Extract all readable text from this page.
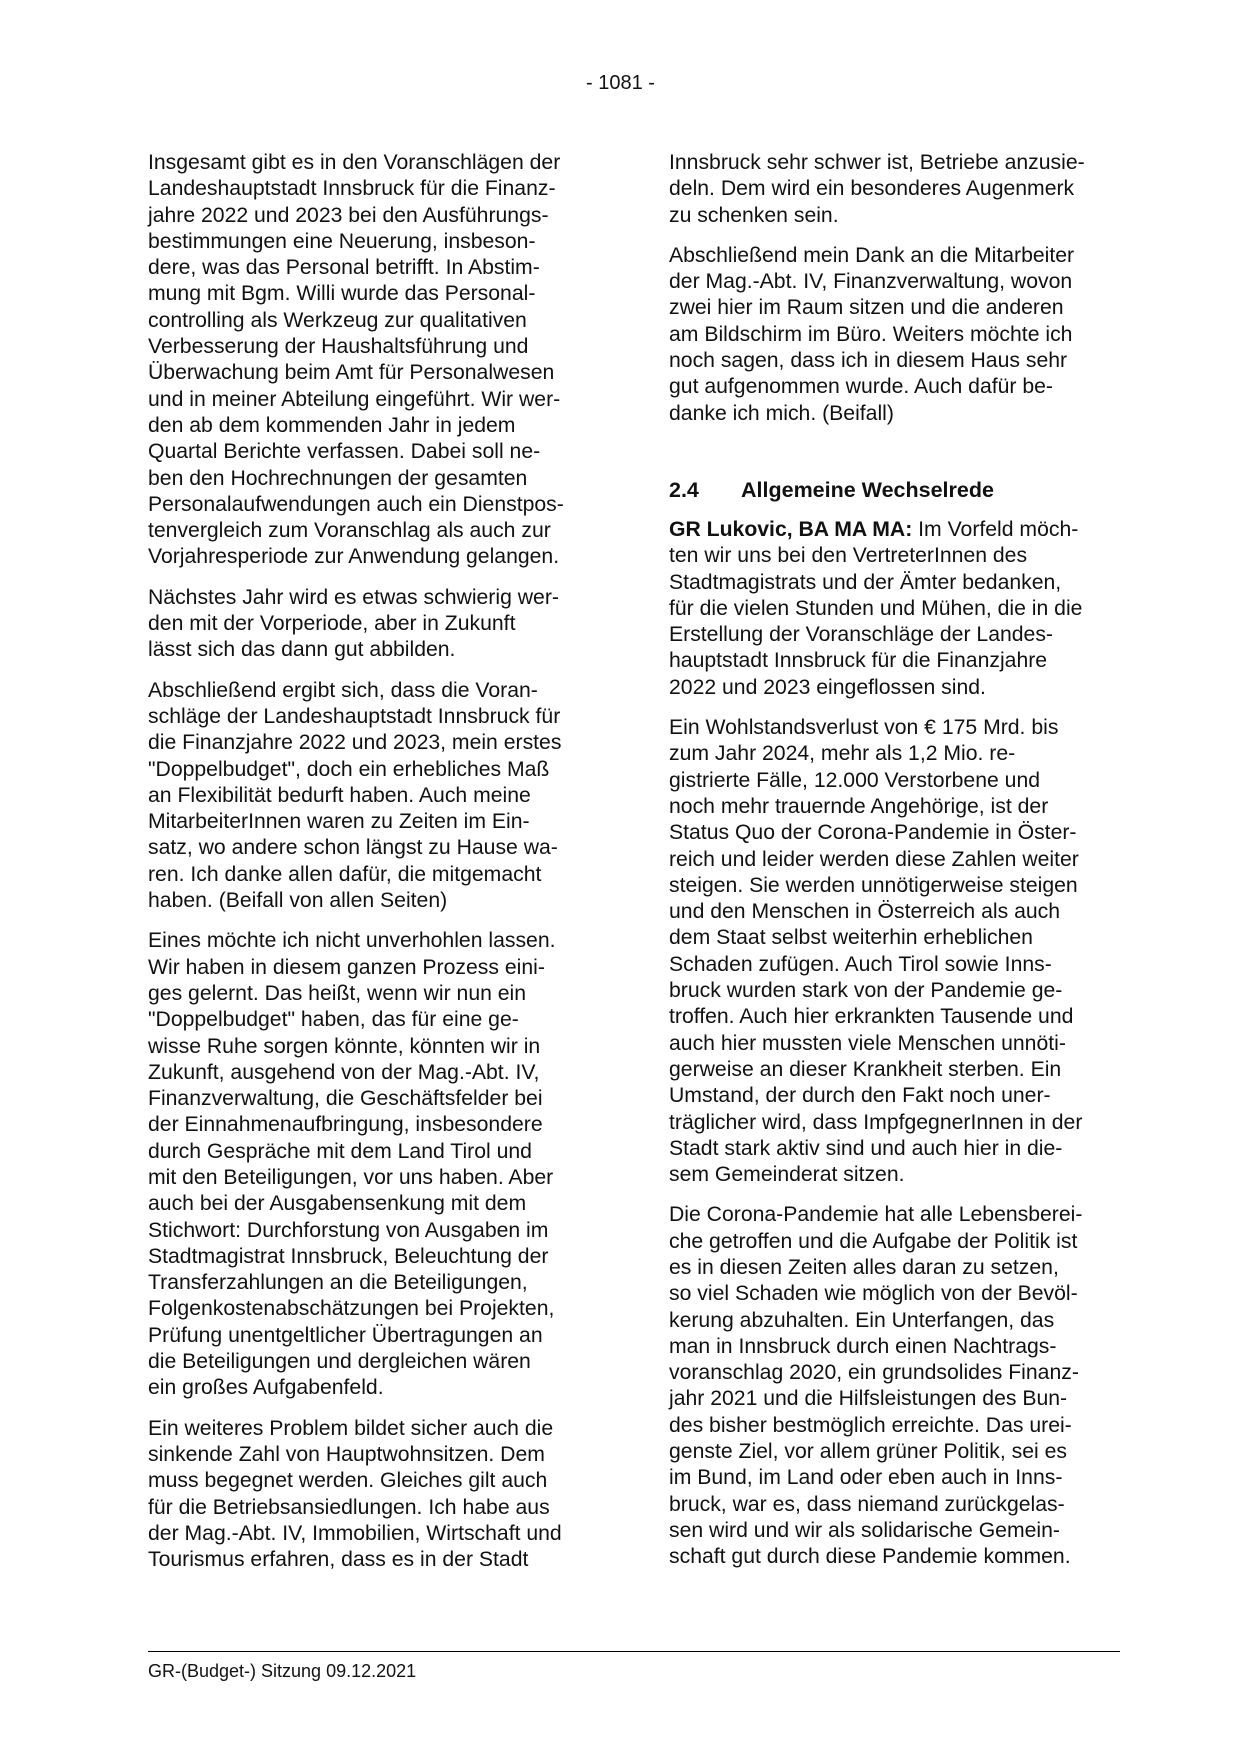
- 1081 -

Insgesamt gibt es in den Voranschlägen der
Landeshauptstadt Innsbruck für die Finanz-
jahre 2022 und 2023 bei den Ausführungs-
bestimmungen eine Neuerung, insbeson-
dere, was das Personal betrifft. In Abstim-
mung mit Bgm. Willi wurde das Personal-
controlling als Werkzeug zur qualitativen
Verbesserung der Haushaltsführung und
Überwachung beim Amt für Personalwesen
und in meiner Abteilung eingeführt. Wir wer-
den ab dem kommenden Jahr in jedem
Quartal Berichte verfassen. Dabei soll ne-
ben den Hochrechnungen der gesamten
Personalaufwendungen auch ein Dienstpos-
tenvergleich zum Voranschlag als auch zur
Vorjahresperiode zur Anwendung gelangen.

Nächstes Jahr wird es etwas schwierig wer-
den mit der Vorperiode, aber in Zukunft
lässt sich das dann gut abbilden.

Abschließend ergibt sich, dass die Voran-
schläge der Landeshauptstadt Innsbruck für
die Finanzjahre 2022 und 2023, mein erstes
"Doppelbudget", doch ein erhebliches Maß
an Flexibilität bedurft haben. Auch meine
MitarbeiterInnen waren zu Zeiten im Ein-
satz, wo andere schon längst zu Hause wa-
ren. Ich danke allen dafür, die mitgemacht
haben. (Beifall von allen Seiten)

Eines möchte ich nicht unverhohlen lassen.
Wir haben in diesem ganzen Prozess eini-
ges gelernt. Das heißt, wenn wir nun ein
"Doppelbudget" haben, das für eine ge-
wisse Ruhe sorgen könnte, könnten wir in
Zukunft, ausgehend von der Mag.-Abt. IV,
Finanzverwaltung, die Geschäftsfelder bei
der Einnahmenaufbringung, insbesondere
durch Gespräche mit dem Land Tirol und
mit den Beteiligungen, vor uns haben. Aber
auch bei der Ausgabensenkung mit dem
Stichwort: Durchforstung von Ausgaben im
Stadtmagistrat Innsbruck, Beleuchtung der
Transferzahlungen an die Beteiligungen,
Folgenkostenabschätzungen bei Projekten,
Prüfung unentgeltlicher Übertragungen an
die Beteiligungen und dergleichen wären
ein großes Aufgabenfeld.

Ein weiteres Problem bildet sicher auch die
sinkende Zahl von Hauptwohnsitzen. Dem
muss begegnet werden. Gleiches gilt auch
für die Betriebsansiedlungen. Ich habe aus
der Mag.-Abt. IV, Immobilien, Wirtschaft und
Tourismus erfahren, dass es in der Stadt

Innsbruck sehr schwer ist, Betriebe anzusie-
deln. Dem wird ein besonderes Augenmerk
zu schenken sein.

Abschließend mein Dank an die Mitarbeiter
der Mag.-Abt. IV, Finanzverwaltung, wovon
zwei hier im Raum sitzen und die anderen
am Bildschirm im Büro. Weiters möchte ich
noch sagen, dass ich in diesem Haus sehr
gut aufgenommen wurde. Auch dafür be-
danke ich mich. (Beifall)

2.4	Allgemeine Wechselrede

GR Lukovic, BA MA MA: Im Vorfeld möch-
ten wir uns bei den VertreterInnen des
Stadtmagistrats und der Ämter bedanken,
für die vielen Stunden und Mühen, die in die
Erstellung der Voranschläge der Landes-
hauptstadt Innsbruck für die Finanzjahre
2022 und 2023 eingeflossen sind.

Ein Wohlstandsverlust von € 175 Mrd. bis
zum Jahr 2024, mehr als 1,2 Mio. re-
gistrierte Fälle, 12.000 Verstorbene und
noch mehr trauernde Angehörige, ist der
Status Quo der Corona-Pandemie in Öster-
reich und leider werden diese Zahlen weiter
steigen. Sie werden unnötigerweise steigen
und den Menschen in Österreich als auch
dem Staat selbst weiterhin erheblichen
Schaden zufügen. Auch Tirol sowie Inns-
bruck wurden stark von der Pandemie ge-
troffen. Auch hier erkrankten Tausende und
auch hier mussten viele Menschen unnöti-
gerweise an dieser Krankheit sterben. Ein
Umstand, der durch den Fakt noch uner-
träglicher wird, dass ImpfgegnerInnen in der
Stadt stark aktiv sind und auch hier in die-
sem Gemeinderat sitzen.

Die Corona-Pandemie hat alle Lebensberei-
che getroffen und die Aufgabe der Politik ist
es in diesen Zeiten alles daran zu setzen,
so viel Schaden wie möglich von der Bevöl-
kerung abzuhalten. Ein Unterfangen, das
man in Innsbruck durch einen Nachtrags-
voranschlag 2020, ein grundsolides Finanz-
jahr 2021 und die Hilfsleistungen des Bun-
des bisher bestmöglich erreichte. Das urei-
genste Ziel, vor allem grüner Politik, sei es
im Bund, im Land oder eben auch in Inns-
bruck, war es, dass niemand zurückgelas-
sen wird und wir als solidarische Gemein-
schaft gut durch diese Pandemie kommen.

GR-(Budget-) Sitzung 09.12.2021
